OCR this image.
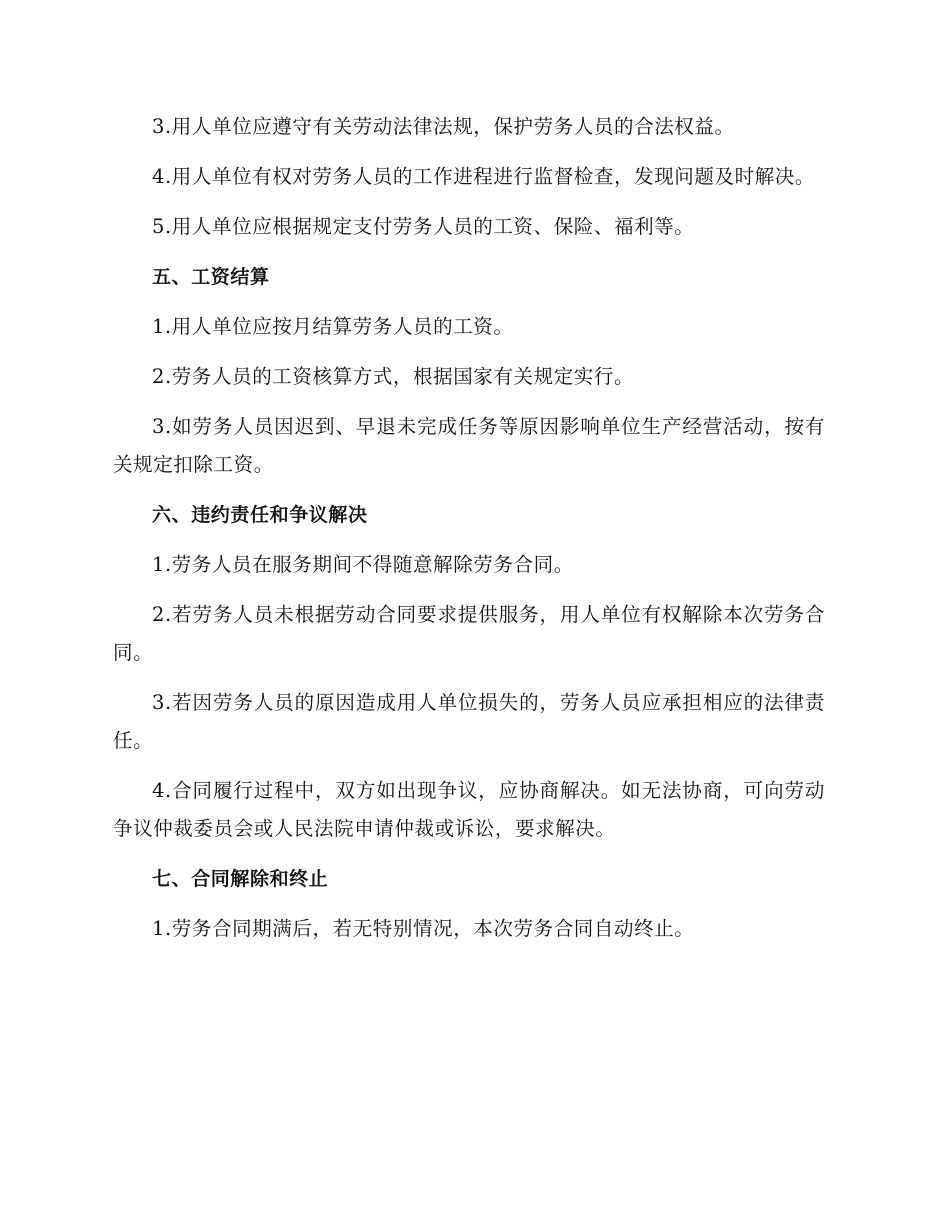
3.用人单位应遵守有关劳动法律法规，保护劳务人员的合法权益。

4.用人单位有权对劳务人员的工作进程进行监督检查，发现问题及时解决。

5.用人单位应根据规定支付劳务人员的工资、保险、福利等。

五、工资结算

1.用人单位应按月结算劳务人员的工资。

2.劳务人员的工资核算方式，根据国家有关规定实行。

3.如劳务人员因迟到、早退未完成任务等原因影响单位生产经营活动，按有关规定扣除工资。

六、违约责任和争议解决

1.劳务人员在服务期间不得随意解除劳务合同。

2.若劳务人员未根据劳动合同要求提供服务，用人单位有权解除本次劳务合同。

3.若因劳务人员的原因造成用人单位损失的，劳务人员应承担相应的法律责任。

4.合同履行过程中，双方如出现争议，应协商解决。如无法协商，可向劳动争议仲裁委员会或人民法院申请仲裁或诉讼，要求解决。

七、合同解除和终止

1.劳务合同期满后，若无特别情况，本次劳务合同自动终止。
